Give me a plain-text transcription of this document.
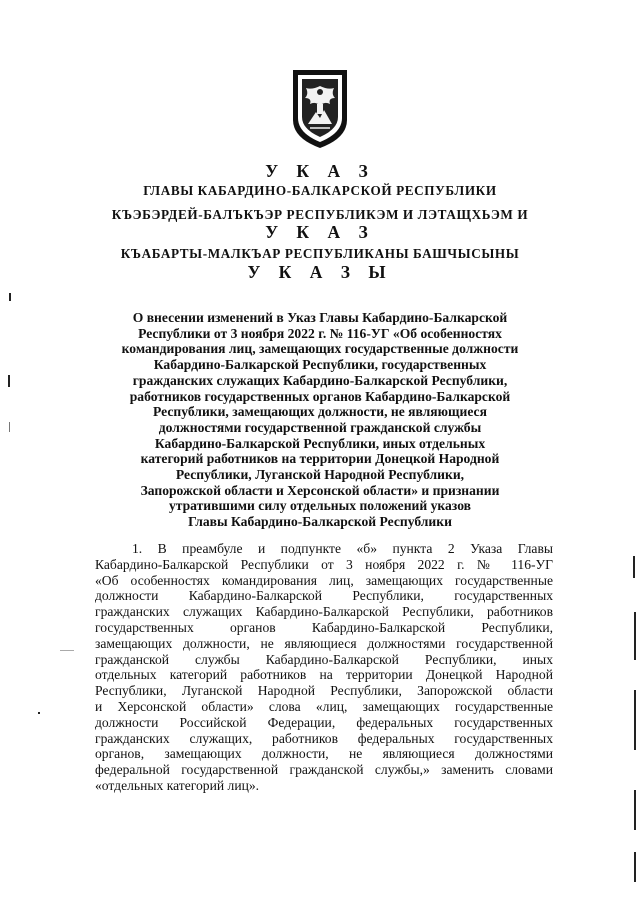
У К А З
ГЛАВЫ КАБАРДИНО-БАЛКАРСКОЙ РЕСПУБЛИКИ
КЪЭБЭРДЕЙ-БАЛЪКЪЭР РЕСПУБЛИКЭМ И ЛЭТАЩХЬЭМ И
У К А З
КЪАБАРТЫ-МАЛКЪАР РЕСПУБЛИКАНЫ БАШЧЫСЫНЫ
У К А З Ы
О внесении изменений в Указ Главы Кабардино-Балкарской
Республики от 3 ноября 2022 г. № 116-УГ «Об особенностях
командирования лиц, замещающих государственные должности
Кабардино-Балкарской Республики, государственных
гражданских служащих Кабардино-Балкарской Республики,
работников государственных органов Кабардино-Балкарской
Республики, замещающих должности, не являющиеся
должностями государственной гражданской службы
Кабардино-Балкарской Республики, иных отдельных
категорий работников на территории Донецкой Народной
Республики, Луганской Народной Республики,
Запорожской области и Херсонской области» и признании
утратившими силу отдельных положений указов
Главы Кабардино-Балкарской Республики
1. В преамбуле и подпункте «б» пункта 2 Указа Главы
Кабардино-Балкарской Республики от 3 ноября 2022 г. № 116-УГ
«Об особенностях командирования лиц, замещающих государственные
должности Кабардино-Балкарской Республики, государственных
гражданских служащих Кабардино-Балкарской Республики, работников
государственных органов Кабардино-Балкарской Республики,
замещающих должности, не являющиеся должностями государственной
гражданской службы Кабардино-Балкарской Республики, иных
отдельных категорий работников на территории Донецкой Народной
Республики, Луганской Народной Республики, Запорожской области
и Херсонской области» слова «лиц, замещающих государственные
должности Российской Федерации, федеральных государственных
гражданских служащих, работников федеральных государственных
органов, замещающих должности, не являющиеся должностями
федеральной государственной гражданской службы,» заменить словами
«отдельных категорий лиц».
